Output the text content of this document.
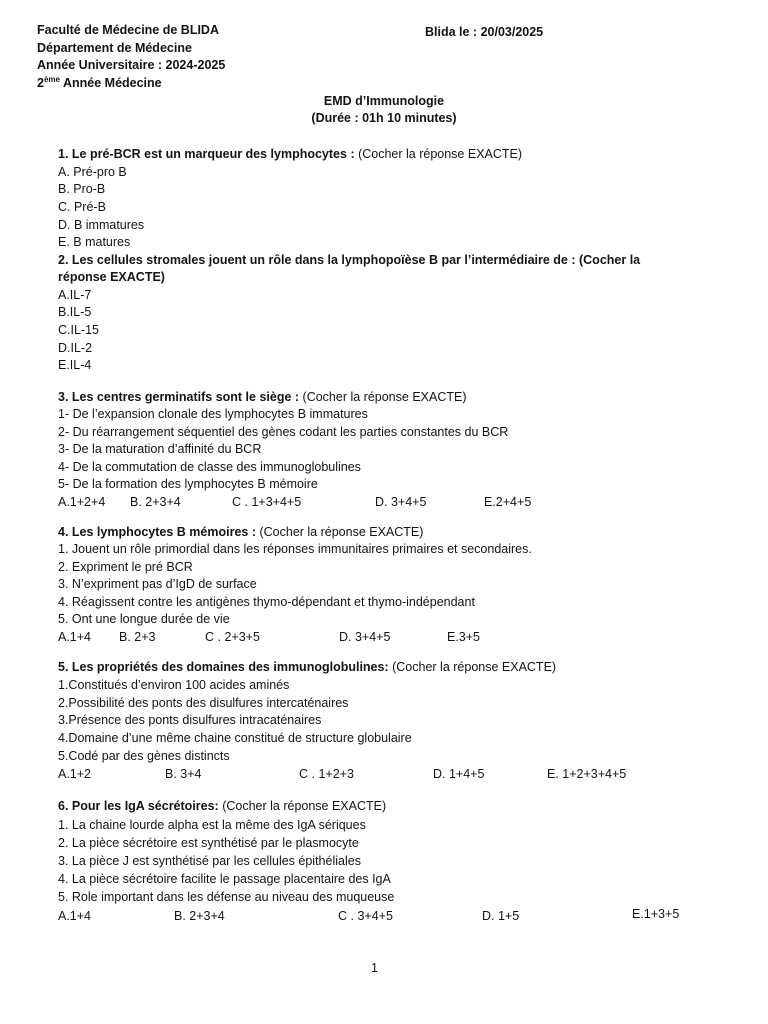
Faculté de Médecine de BLIDA
Département de Médecine
Année Universitaire : 2024-2025
2ème Année Médecine
Blida le : 20/03/2025
EMD d’Immunologie
(Durée : 01h 10 minutes)
1. Le pré-BCR est un marqueur des lymphocytes : (Cocher la réponse EXACTE)
A. Pré-pro B
B. Pro-B
C. Pré-B
D. B immatures
E. B matures
2. Les cellules stromales jouent un rôle dans la lymphopoïèse B par l’intermédiaire de : (Cocher la
réponse EXACTE)
A.IL-7
B.IL-5
C.IL-15
D.IL-2
E.IL-4
3. Les centres germinatifs sont le siège : (Cocher la réponse EXACTE)
1- De l’expansion clonale des lymphocytes B immatures
2- Du réarrangement séquentiel des gènes codant les parties constantes du BCR
3- De la maturation d’affinité du BCR
4- De la commutation de classe des immunoglobulines
5- De la formation des lymphocytes B mémoire
A.1+2+4 B. 2+3+4	C . 1+3+4+5	D. 3+4+5	E.2+4+5
4. Les lymphocytes B mémoires : (Cocher la réponse EXACTE)
1. Jouent un rôle primordial dans les réponses immunitaires primaires et secondaires.
2. Expriment le pré BCR
3. N’expriment pas d’IgD de surface
4. Réagissent contre les antigènes thymo-dépendant et thymo-indépendant
5. Ont une longue durée de vie
A.1+4 B. 2+3	C . 2+3+5	D. 3+4+5	E.3+5
5. Les propriétés des domaines des immunoglobulines: (Cocher la réponse EXACTE)
1.Constitués d’environ 100 acides aminés
2.Possibilité des ponts des disulfures intercaténaires
3.Présence des ponts disulfures intracaténaires
4.Domaine d’une même chaine constitué de structure globulaire
5.Codé par des gènes distincts
A.1+2	B. 3+4	C . 1+2+3	D. 1+4+5	E. 1+2+3+4+5
6. Pour les IgA sécrétoires: (Cocher la réponse EXACTE)
1. La chaine lourde alpha est la même des IgA sériques
2. La pièce sécrétoire est synthétisé par le plasmocyte
3. La pièce J est synthétisé par les cellules épithéliales
4. La pièce sécrétoire facilite le passage placentaire des IgA
5. Role important dans les défense au niveau des muqueuse
A.1+4	B. 2+3+4	C . 3+4+5	D. 1+5	E.1+3+5
1
